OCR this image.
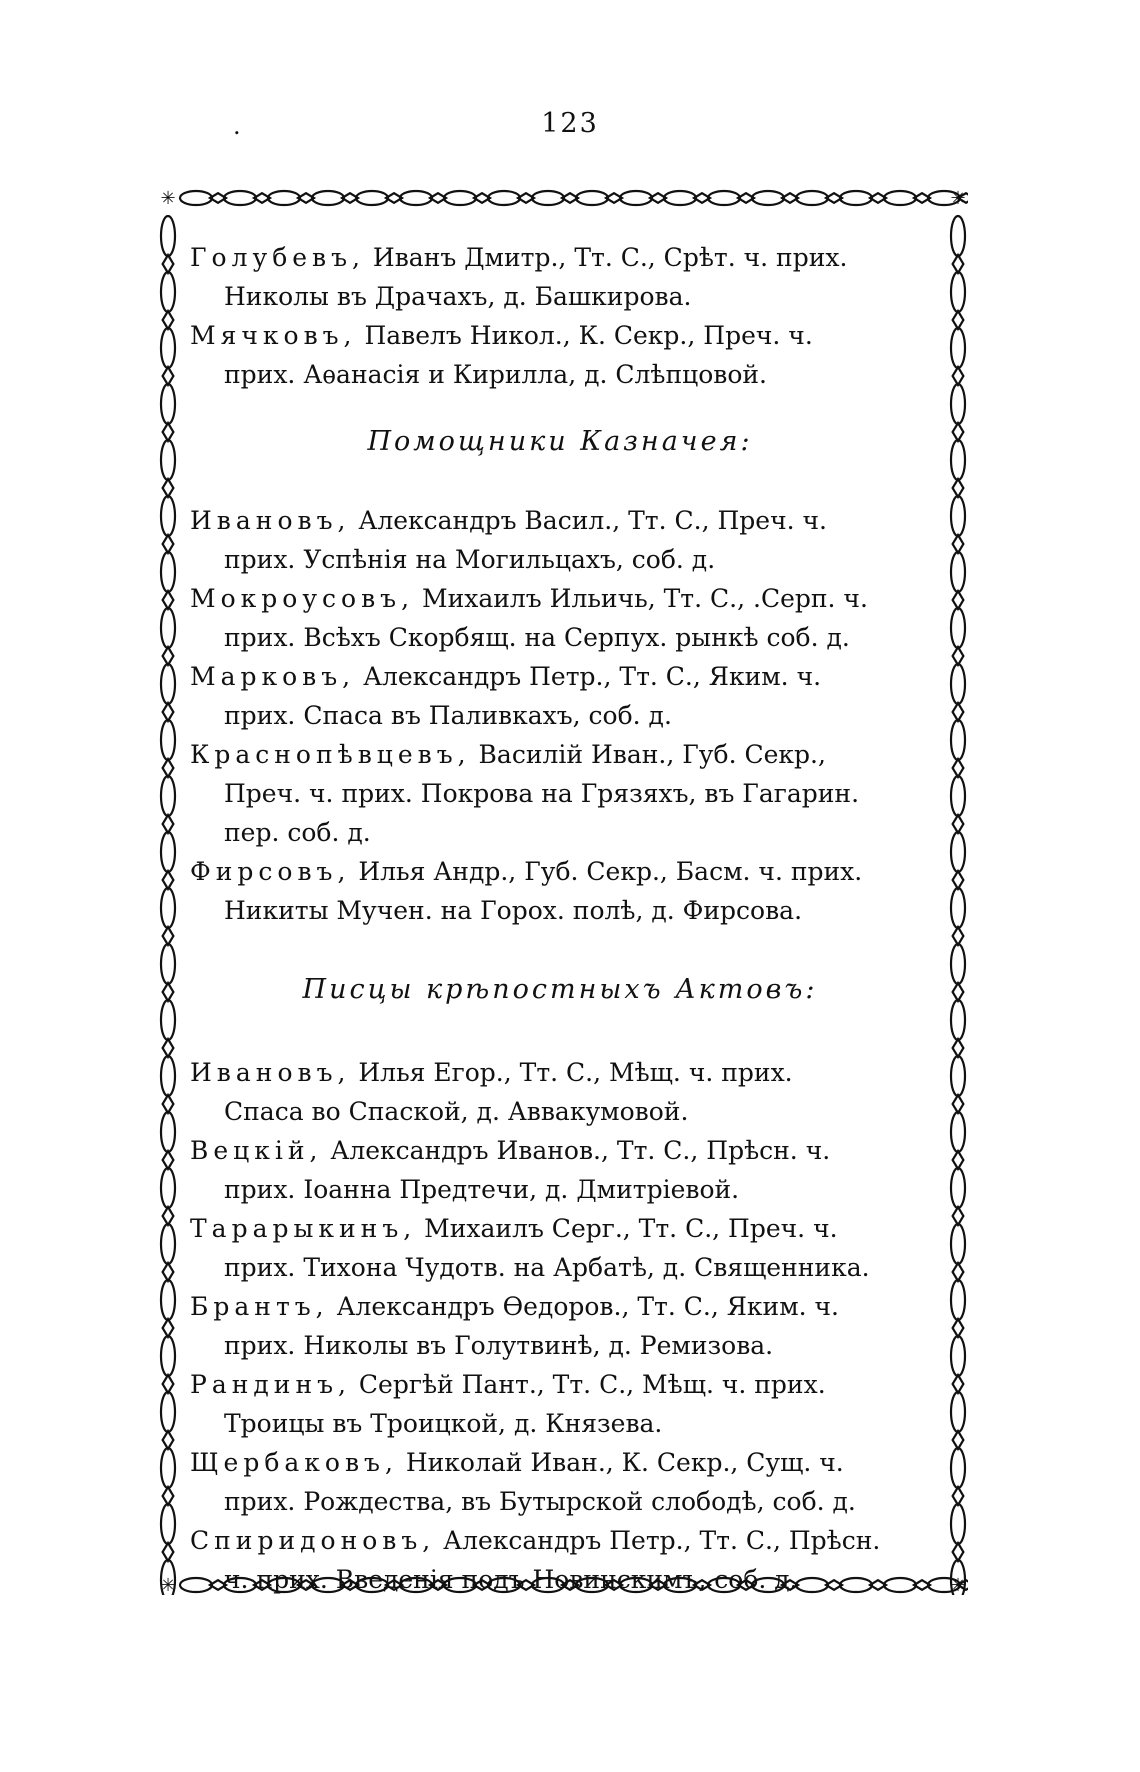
.	123
✳	✳
✳	✳
Голубевъ, Иванъ Дмитр., Тт. С., Срѣт. ч. прих.
Николы въ Драчахъ, д. Башкирова.
Мячковъ, Павелъ Никол., К. Секр., Преч. ч.
прих. Аѳанасія и Кирилла, д. Слѣпцовой.
Помощники Казначея:
Ивановъ, Александръ Васил., Тт. С., Преч. ч.
прих. Успѣнія на Могильцахъ, соб. д.
Мокроусовъ, Михаилъ Ильичь, Тт. С., .Серп. ч.
прих. Всѣхъ Скорбящ. на Серпух. рынкѣ соб. д.
Марковъ, Александръ Петр., Тт. С., Яким. ч.
прих. Спаса въ Паливкахъ, соб. д.
Краснопѣвцевъ, Василій Иван., Губ. Секр.,
Преч. ч. прих. Покрова на Грязяхъ, въ Гагарин.
пер. соб. д.
Фирсовъ, Илья Андр., Губ. Секр., Басм. ч. прих.
Никиты Мучен. на Горох. полѣ, д. Фирсова.
Писцы крѣпостныхъ Актовъ:
Ивановъ, Илья Егор., Тт. С., Мѣщ. ч. прих.
Спаса во Спаской, д. Аввакумовой.
Вецкій, Александръ Иванов., Тт. С., Прѣсн. ч.
прих. Іоанна Предтечи, д. Дмитріевой.
Тарарыкинъ, Михаилъ Серг., Тт. С., Преч. ч.
прих. Тихона Чудотв. на Арбатѣ, д. Священника.
Брантъ, Александръ Ѳедоров., Тт. С., Яким. ч.
прих. Николы въ Голутвинѣ, д. Ремизова.
Рандинъ, Сергѣй Пант., Тт. С., Мѣщ. ч. прих.
Троицы въ Троицкой, д. Князева.
Щербаковъ, Николай Иван., К. Секр., Сущ. ч.
прих. Рождества, въ Бутырской слободѣ, соб. д.
Спиридоновъ, Александръ Петр., Тт. С., Прѣсн.
ч. прих. Введенія подъ Новинскимъ, соб. д.
